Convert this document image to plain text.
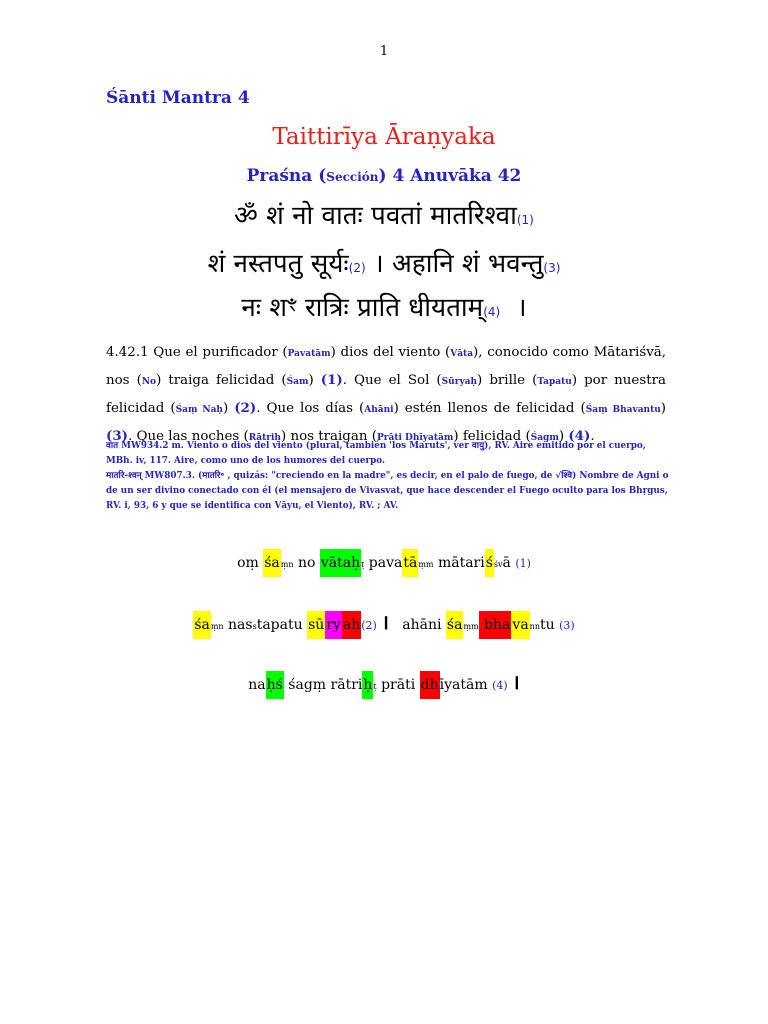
1
Śānti Mantra 4
Taittirīya Āraṇyaka
Praśna (Sección) 4 Anuvāka 42
ॐ शं नो वातः पवतां मातरिश्वा(1)
शं नस्तपतु सूर्यः(2) । अहानि शं भवन्तु(3)
नः शꣳ रात्रिः प्राति धीयताम्(4)  ।
4.42.1 Que el purificador (Pavatām) dios del viento (Vāta), conocido como Mātariśvā, nos (No) traiga felicidad (Śam) (1). Que el Sol (Sūryaḥ) brille (Tapatu) por nuestra felicidad (Śaṃ Naḥ) (2). Que los días (Ahāni) estén llenos de felicidad (Śaṃ Bhavantu) (3). Que las noches (Rātriḥ) nos traigan (Prāti Dhīyatām) felicidad (Śagm) (4).
वात MW934.2 m. Viento o dios del viento (plural, también 'los Maruts', ver वायु), RV. Aire emitido por el cuerpo, MBh. iv, 117. Aire, como uno de los humores del cuerpo.
मातरि-श्वन् MW807.3. (मातरि॰ , quizás: "creciendo en la madre", es decir, en el palo de fuego, de √श्वि) Nombre de Agni o de un ser divino conectado con él (el mensajero de Vivasvat, que hace descender el Fuego oculto para los Bhṛgus, RV. i, 93, 6 y que se identifica con Vāyu, el Viento), RV. ; AV.
oṃ śaṃn no vātaḥṭ pavatāṃm mātariśśvā (1)
śaṃn nasstapatu sū ry aḥ(2) । ahāni śaṃm bha vanntu (3)
naḥś śagṃ rātriḥṭ prāti dhīyatām (4) ।
